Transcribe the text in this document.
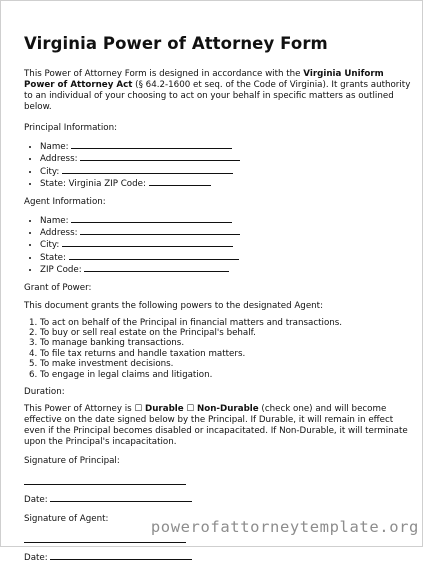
Virginia Power of Attorney Form

This Power of Attorney Form is designed in accordance with the Virginia Uniform Power of Attorney Act (§ 64.2-1600 et seq. of the Code of Virginia). It grants authority to an individual of your choosing to act on your behalf in specific matters as outlined below.

Principal Information:

• Name:
• Address:
• City:
• State: Virginia ZIP Code:

Agent Information:

• Name:
• Address:
• City:
• State:
• ZIP Code:

Grant of Power:

This document grants the following powers to the designated Agent:

1. To act on behalf of the Principal in financial matters and transactions.
2. To buy or sell real estate on the Principal's behalf.
3. To manage banking transactions.
4. To file tax returns and handle taxation matters.
5. To make investment decisions.
6. To engage in legal claims and litigation.

Duration:

This Power of Attorney is ☐ Durable ☐ Non-Durable (check one) and will become effective on the date signed below by the Principal. If Durable, it will remain in effect even if the Principal becomes disabled or incapacitated. If Non-Durable, it will terminate upon the Principal's incapacitation.

Signature of Principal:

Date:

Signature of Agent:

Date:

powerofattorneytemplate.org
